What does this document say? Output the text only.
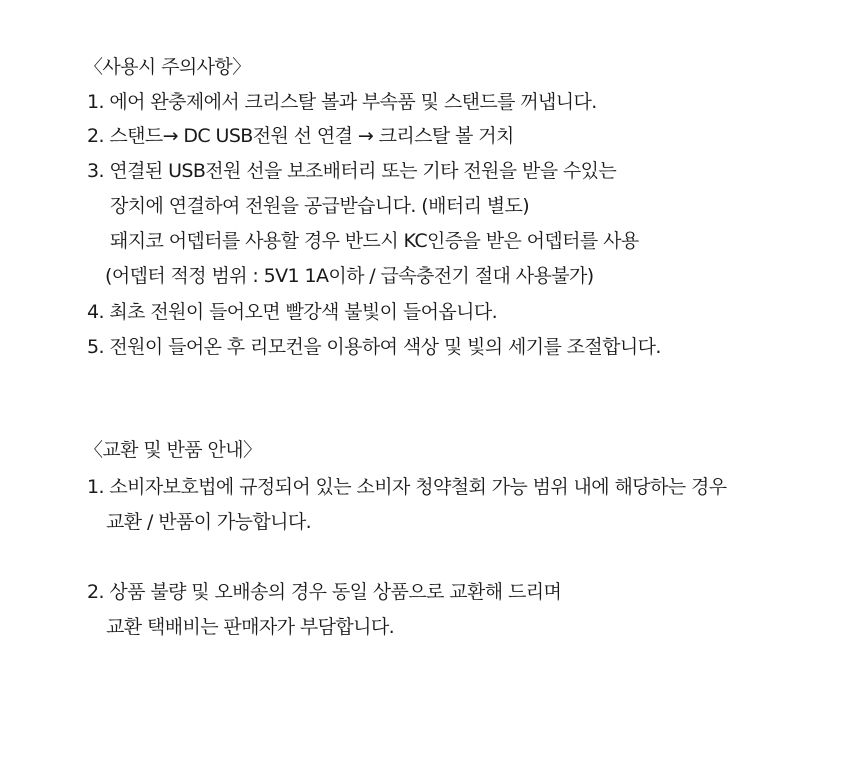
〈사용시 주의사항〉
1. 에어 완충제에서 크리스탈 볼과 부속품 및 스탠드를 꺼냅니다.
2. 스탠드→ DC USB전원 선 연결 → 크리스탈 볼 거치
3. 연결된 USB전원 선을 보조배터리 또는 기타 전원을 받을 수있는
장치에 연결하여 전원을 공급받습니다. (배터리 별도)
돼지코 어뎁터를 사용할 경우 반드시 KC인증을 받은 어뎁터를 사용
(어뎁터 적정 범위 : 5V1 1A이하 / 급속충전기 절대 사용불가)
4. 최초 전원이 들어오면 빨강색 불빛이 들어옵니다.
5. 전원이 들어온 후 리모컨을 이용하여 색상 및 빛의 세기를 조절합니다.
〈교환 및 반품 안내〉
1. 소비자보호법에 규정되어 있는 소비자 청약철회 가능 범위 내에 해당하는 경우
교환 / 반품이 가능합니다.
2. 상품 불량 및 오배송의 경우 동일 상품으로 교환해 드리며
교환 택배비는 판매자가 부담합니다.
